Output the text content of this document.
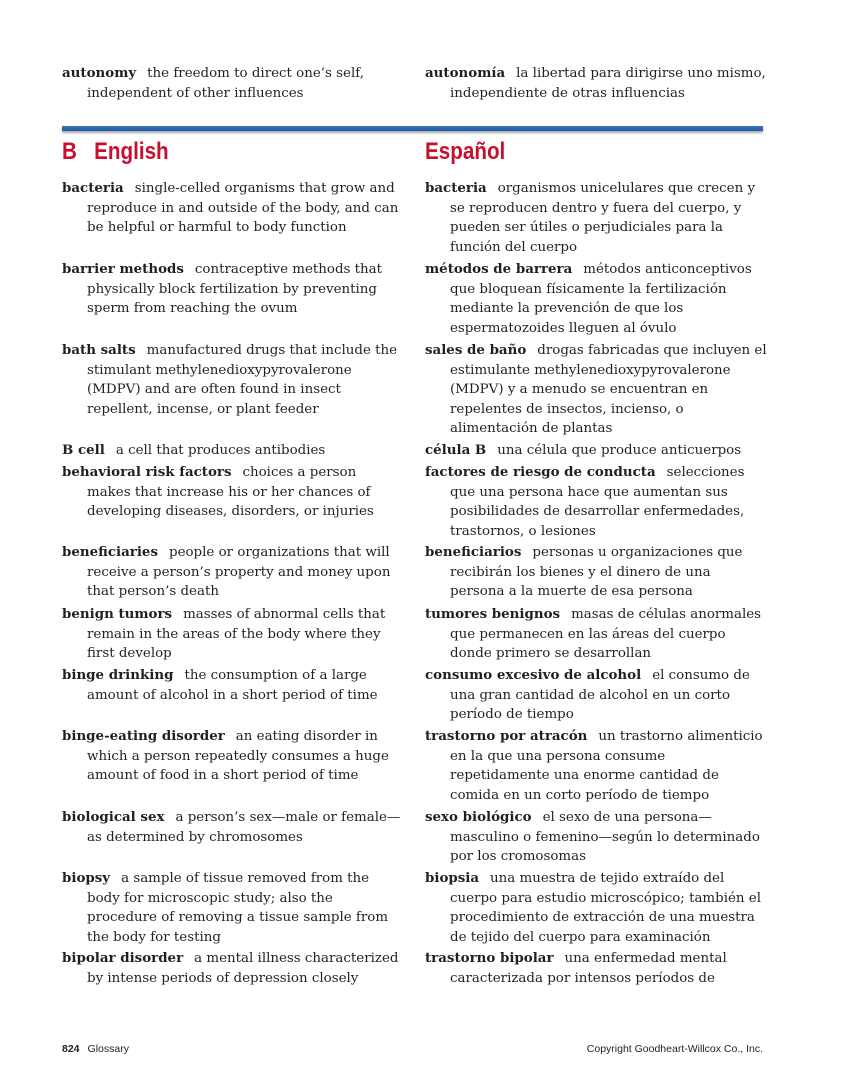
autonomy the freedom to direct one’s self, independent of other influences
autonomía la libertad para dirigirse uno mismo, independiente de otras influencias
B English	Español
bacteria single-celled organisms that grow and reproduce in and outside of the body, and can be helpful or harmful to body function
barrier methods contraceptive methods that physically block fertilization by preventing sperm from reaching the ovum
bath salts manufactured drugs that include the stimulant methylenedioxypyrovalerone (MDPV) and are often found in insect repellent, incense, or plant feeder
B cell a cell that produces antibodies
behavioral risk factors choices a person makes that increase his or her chances of developing diseases, disorders, or injuries
beneficiaries people or organizations that will receive a person’s property and money upon that person’s death
benign tumors masses of abnormal cells that remain in the areas of the body where they first develop
binge drinking the consumption of a large amount of alcohol in a short period of time
binge-eating disorder an eating disorder in which a person repeatedly consumes a huge amount of food in a short period of time
biological sex a person’s sex—male or female—as determined by chromosomes
biopsy a sample of tissue removed from the body for microscopic study; also the procedure of removing a tissue sample from the body for testing
bipolar disorder a mental illness characterized by intense periods of depression closely
bacteria organismos unicelulares que crecen y se reproducen dentro y fuera del cuerpo, y pueden ser útiles o perjudiciales para la función del cuerpo
métodos de barrera métodos anticonceptivos que bloquean físicamente la fertilización mediante la prevención de que los espermatozoides lleguen al óvulo
sales de baño drogas fabricadas que incluyen el estimulante methylenedioxypyrovalerone (MDPV) y a menudo se encuentran en repelentes de insectos, incienso, o alimentación de plantas
célula B una célula que produce anticuerpos
factores de riesgo de conducta selecciones que una persona hace que aumentan sus posibilidades de desarrollar enfermedades, trastornos, o lesiones
beneficiarios personas u organizaciones que recibirán los bienes y el dinero de una persona a la muerte de esa persona
tumores benignos masas de células anormales que permanecen en las áreas del cuerpo donde primero se desarrollan
consumo excesivo de alcohol el consumo de una gran cantidad de alcohol en un corto período de tiempo
trastorno por atracón un trastorno alimenticio en la que una persona consume repetidamente una enorme cantidad de comida en un corto período de tiempo
sexo biológico el sexo de una persona—masculino o femenino—según lo determinado por los cromosomas
biopsia una muestra de tejido extraído del cuerpo para estudio microscópico; también el procedimiento de extracción de una muestra de tejido del cuerpo para examinación
trastorno bipolar una enfermedad mental caracterizada por intensos períodos de
824 Glossary	Copyright Goodheart-Willcox Co., Inc.
